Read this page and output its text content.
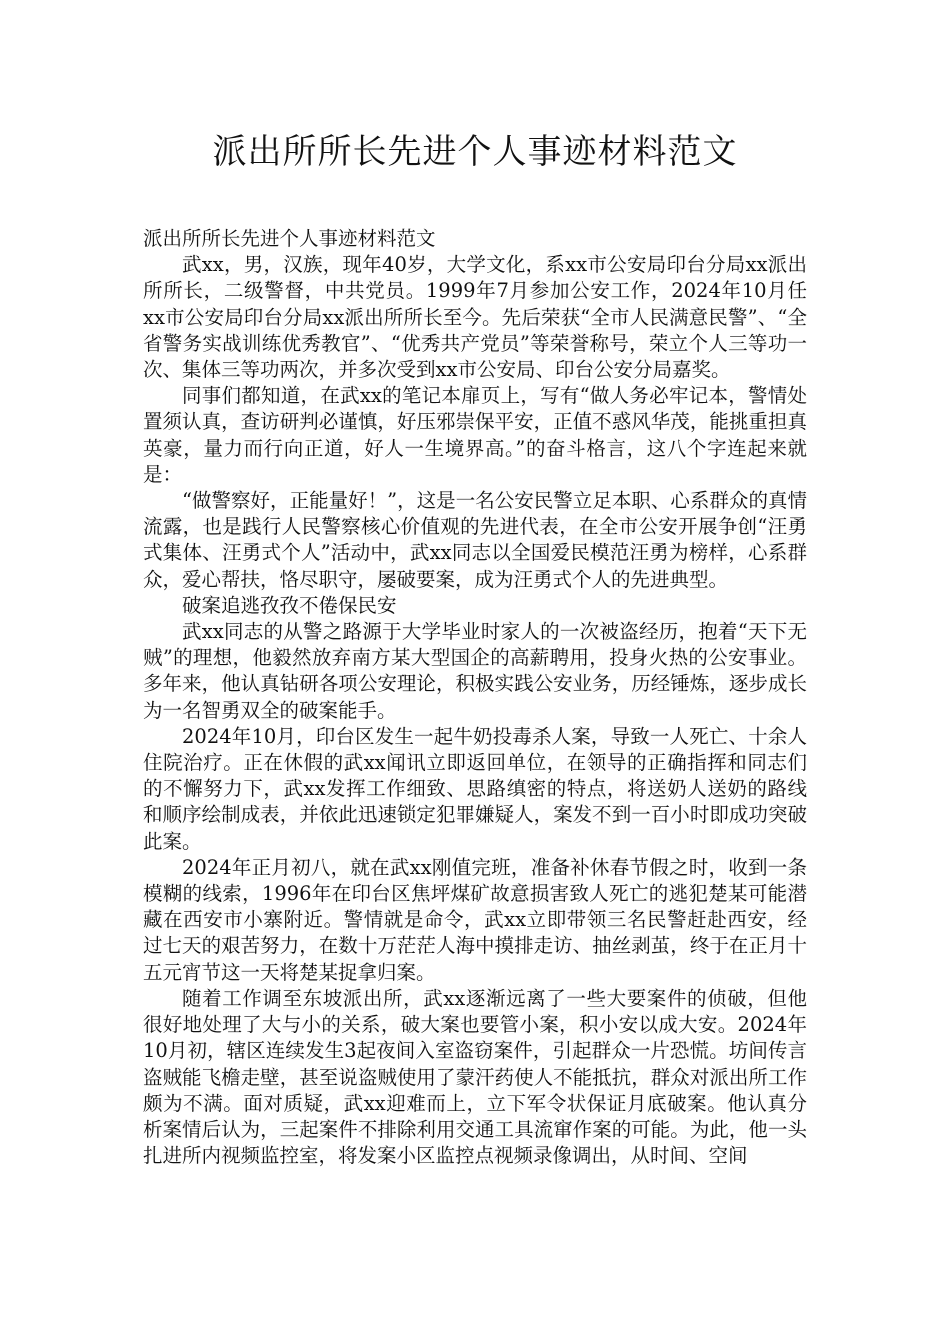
派出所所长先进个人事迹材料范文

派出所所长先进个人事迹材料范文

武xx，男，汉族，现年40岁，大学文化，系xx市公安局印台分局xx派出所所长，二级警督，中共党员。1999年7月参加公安工作，2024年10月任xx市公安局印台分局xx派出所所长至今。先后荣获“全市人民满意民警”、“全省警务实战训练优秀教官”、“优秀共产党员”等荣誉称号，荣立个人三等功一次、集体三等功两次，并多次受到xx市公安局、印台公安分局嘉奖。

同事们都知道，在武xx的笔记本扉页上，写有“做人务必牢记本，警情处置须认真，查访研判必谨慎，好压邪崇保平安，正值不惑风华茂，能挑重担真英豪，量力而行向正道，好人一生境界高。”的奋斗格言，这八个字连起来就是：

“做警察好，正能量好！”，这是一名公安民警立足本职、心系群众的真情流露，也是践行人民警察核心价值观的先进代表，在全市公安开展争创“汪勇式集体、汪勇式个人”活动中，武xx同志以全国爱民模范汪勇为榜样，心系群众，爱心帮扶，恪尽职守，屡破要案，成为汪勇式个人的先进典型。

破案追逃孜孜不倦保民安

武xx同志的从警之路源于大学毕业时家人的一次被盗经历，抱着“天下无贼”的理想，他毅然放弃南方某大型国企的高薪聘用，投身火热的公安事业。多年来，他认真钻研各项公安理论，积极实践公安业务，历经锤炼，逐步成长为一名智勇双全的破案能手。

2024年10月，印台区发生一起牛奶投毒杀人案，导致一人死亡、十余人住院治疗。正在休假的武xx闻讯立即返回单位，在领导的正确指挥和同志们的不懈努力下，武xx发挥工作细致、思路缜密的特点，将送奶人送奶的路线和顺序绘制成表，并依此迅速锁定犯罪嫌疑人，案发不到一百小时即成功突破此案。

2024年正月初八，就在武xx刚值完班，准备补休春节假之时，收到一条模糊的线索，1996年在印台区焦坪煤矿故意损害致人死亡的逃犯楚某可能潜藏在西安市小寨附近。警情就是命令，武xx立即带领三名民警赶赴西安，经过七天的艰苦努力，在数十万茫茫人海中摸排走访、抽丝剥茧，终于在正月十五元宵节这一天将楚某捉拿归案。

随着工作调至东坡派出所，武xx逐渐远离了一些大要案件的侦破，但他很好地处理了大与小的关系，破大案也要管小案，积小安以成大安。2024年10月初，辖区连续发生3起夜间入室盗窃案件，引起群众一片恐慌。坊间传言盗贼能飞檐走壁，甚至说盗贼使用了蒙汗药使人不能抵抗，群众对派出所工作颇为不满。面对质疑，武xx迎难而上，立下军令状保证月底破案。他认真分析案情后认为，三起案件不排除利用交通工具流窜作案的可能。为此，他一头扎进所内视频监控室，将发案小区监控点视频录像调出，从时间、空间
